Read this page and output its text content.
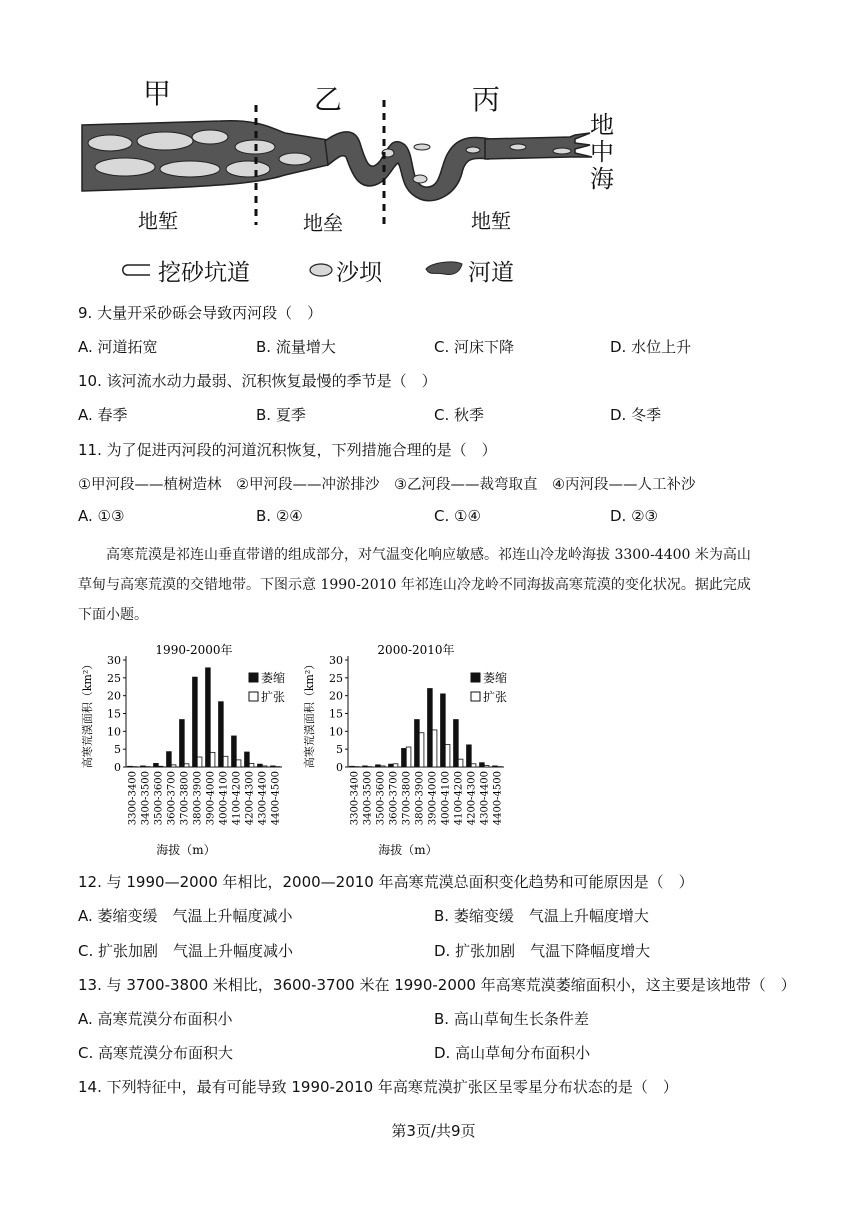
甲	乙	丙
地
中
海
地堑	地垒	地堑
挖砂坑道	沙坝	河道
9. 大量开采砂砾会导致丙河段（　）
A. 河道拓宽	B. 流量增大	C. 河床下降	D. 水位上升
10. 该河流水动力最弱、沉积恢复最慢的季节是（　）
A. 春季	B. 夏季	C. 秋季	D. 冬季
11. 为了促进丙河段的河道沉积恢复，下列措施合理的是（　）
①甲河段——植树造林　②甲河段——冲淤排沙　③乙河段——裁弯取直　④丙河段——人工补沙
A. ①③	B. ②④	C. ①④	D. ②③
高寒荒漠是祁连山垂直带谱的组成部分，对气温变化响应敏感。祁连山冷龙岭海拔 3300-4400 米为高山
草甸与高寒荒漠的交错地带。下图示意 1990-2010 年祁连山冷龙岭不同海拔高寒荒漠的变化状况。据此完成
下面小题。
1990-2000年
高寒荒漠面积（km²） 0
5
10
15
20
25
30
3300-3400 3400-3500 3500-3600 3600-3700 3700-3800 3800-3900 3900-4000 4000-4100 4100-4200 4200-4300 4300-4400 4400-4500
海拔（m）
萎缩
扩张
2000-2010年
高寒荒漠面积（km²） 0
5
10
15
20
25
30
3300-3400 3400-3500 3500-3600 3600-3700 3700-3800 3800-3900 3900-4000 4000-4100 4100-4200 4200-4300 4300-4400 4400-4500
海拔（m）
萎缩
扩张
12. 与 1990—2000 年相比，2000—2010 年高寒荒漠总面积变化趋势和可能原因是（　）
A. 萎缩变缓　气温上升幅度减小	B. 萎缩变缓　气温上升幅度增大
C. 扩张加剧　气温上升幅度减小	D. 扩张加剧　气温下降幅度增大
13. 与 3700-3800 米相比，3600-3700 米在 1990-2000 年高寒荒漠萎缩面积小，这主要是该地带（　）
A. 高寒荒漠分布面积小	B. 高山草甸生长条件差
C. 高寒荒漠分布面积大	D. 高山草甸分布面积小
14. 下列特征中，最有可能导致 1990-2010 年高寒荒漠扩张区呈零星分布状态的是（　）
第3页/共9页
